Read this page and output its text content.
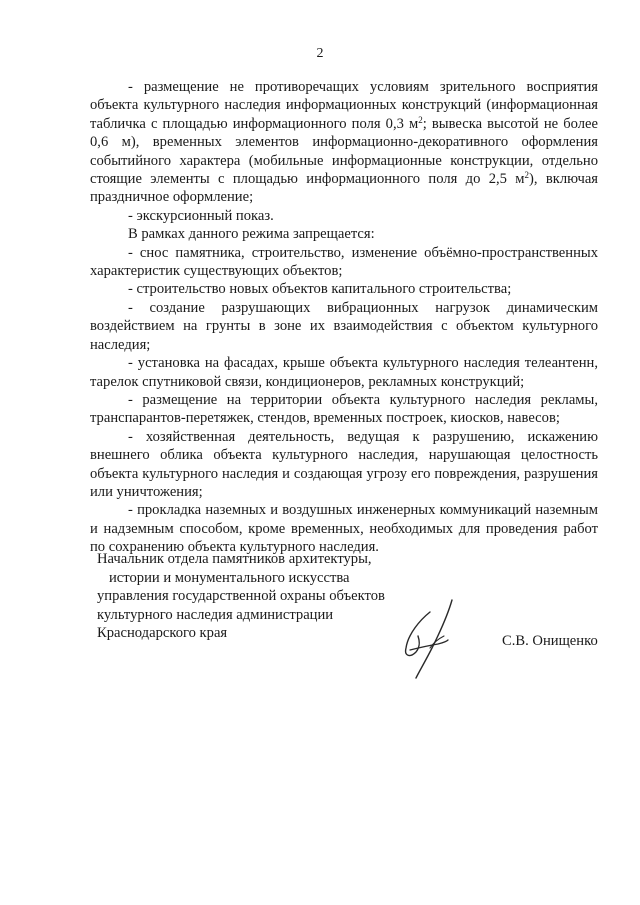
2

- размещение не противоречащих условиям зрительного восприятия объекта культурного наследия информационных конструкций (информационная табличка с площадью информационного поля 0,3 $м^2$; вывеска высотой не более 0,6 м), временных элементов информационно-декоративного оформления событийного характера (мобильные информационные конструкции, отдельно стоящие элементы с площадью информационного поля до 2,5 $м^2$), включая праздничное оформление;

- экскурсионный показ.

В рамках данного режима запрещается:

- снос памятника, строительство, изменение объёмно-пространственных характеристик существующих объектов;

- строительство новых объектов капитального строительства;

- создание разрушающих вибрационных нагрузок динамическим воздействием на грунты в зоне их взаимодействия с объектом культурного наследия;

- установка на фасадах, крыше объекта культурного наследия телеантенн, тарелок спутниковой связи, кондиционеров, рекламных конструкций;

- размещение на территории объекта культурного наследия рекламы, транспарантов-перетяжек, стендов, временных построек, киосков, навесов;

- хозяйственная деятельность, ведущая к разрушению, искажению внешнего облика объекта культурного наследия, нарушающая целостность объекта культурного наследия и создающая угрозу его повреждения, разрушения или уничтожения;

- прокладка наземных и воздушных инженерных коммуникаций наземным и надземным способом, кроме временных, необходимых для проведения работ по сохранению объекта культурного наследия.

Начальник отдела памятников архитектуры,
истории и монументального искусства
управления государственной охраны объектов
культурного наследия администрации
Краснодарского края	С.В. Онищенко
